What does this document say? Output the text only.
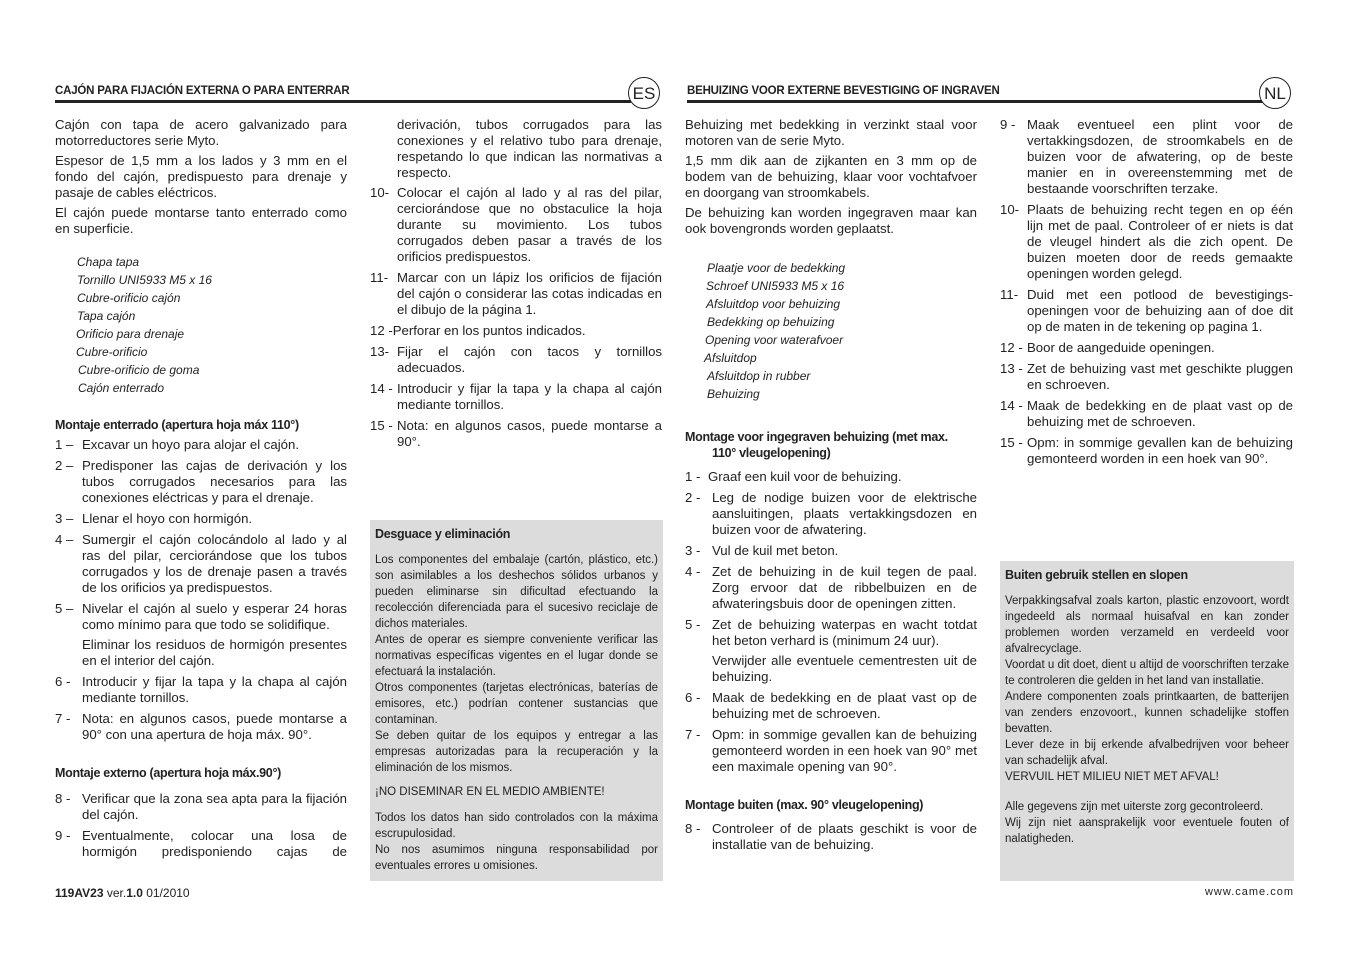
CAJÓN PARA FIJACIÓN EXTERNA O PARA ENTERRAR	ES	BEHUIZING VOOR EXTERNE BEVESTIGING OF INGRAVEN	NL

Cajón con tapa de acero galvanizado para motorreductores serie Myto.

Espesor de 1,5 mm a los lados y 3 mm en el fondo del cajón, predispuesto para drenaje y pasaje de cables eléctricos.

El cajón puede montarse tanto enterrado como en superficie.

Chapa tapa
Tornillo UNI5933 M5 x 16
Cubre-orificio cajón
Tapa cajón
Orificio para drenaje
Cubre-orificio
Cubre-orificio de goma
Cajón enterrado
Montaje enterrado (apertura hoja máx 110°)
1 – Excavar un hoyo para alojar el cajón.
2 – Predisponer las cajas de derivación y los tubos corrugados necesarios para las conexiones eléctricas y para el drenaje.
3 – Llenar el hoyo con hormigón.
4 – Sumergir el cajón colocándolo al lado y al ras del pilar, cerciorándose que los tubos corrugados y los de drenaje pasen a través de los orificios ya predispuestos.
5 – Nivelar el cajón al suelo y esperar 24 horas como mínimo para que todo se solidifique.
Eliminar los residuos de hormigón presentes en el interior del cajón.
6 - Introducir y fijar la tapa y la chapa al cajón mediante tornillos.
7 - Nota: en algunos casos, puede montarse a 90° con una apertura de hoja máx. 90°.
Montaje externo (apertura hoja máx.90°)
8 - Verificar que la zona sea apta para la fijación del cajón.
9 - Eventualmente, colocar una losa de hormigón predisponiendo cajas de

derivación, tubos corrugados para las conexiones y el relativo tubo para drenaje, respetando lo que indican las normativas a respecto.

10- Colocar el cajón al lado y al ras del pilar, cerciorándose que no obstaculice la hoja durante su movimiento. Los tubos corrugados deben pasar a través de los orificios predispuestos.
11- Marcar con un lápiz los orificios de fijación del cajón o considerar las cotas indicadas en el dibujo de la página 1.
12 - Perforar en los puntos indicados.
13- Fijar el cajón con tacos y tornillos adecuados.
14 - Introducir y fijar la tapa y la chapa al cajón mediante tornillos.
15 - Nota: en algunos casos, puede montarse a 90°.
Desguace y eliminación

Los componentes del embalaje (cartón, plástico, etc.) son asimilables a los deshechos sólidos urbanos y pueden eliminarse sin dificultad efectuando la recolección diferenciada para el sucesivo reciclaje de dichos materiales.

Antes de operar es siempre conveniente verificar las normativas específicas vigentes en el lugar donde se efectuará la instalación.

Otros componentes (tarjetas electrónicas, baterías de emisores, etc.) podrían contener sustancias que contaminan.

Se deben quitar de los equipos y entregar a las empresas autorizadas para la recuperación y la eliminación de los mismos.

¡NO DISEMINAR EN EL MEDIO AMBIENTE!

Todos los datos han sido controlados con la máxima escrupulosidad.

No nos asumimos ninguna responsabilidad por eventuales errores u omisiones.

Behuizing met bedekking in verzinkt staal voor motoren van de serie Myto.

1,5 mm dik aan de zijkanten en 3 mm op de bodem van de behuizing, klaar voor vochtafvoer en doorgang van stroomkabels.

De behuizing kan worden ingegraven maar kan ook bovengronds worden geplaatst.

Plaatje voor de bedekking
Schroef UNI5933 M5 x 16
Afsluitdop voor behuizing
Bedekking op behuizing
Opening voor waterafvoer
Afsluitdop
Afsluitdop in rubber
Behuizing
Montage voor ingegraven behuizing (met max.
110° vleugelopening)
1 - Graaf een kuil voor de behuizing.
2 - Leg de nodige buizen voor de elektrische aansluitingen, plaats vertakkingsdozen en buizen voor de afwatering.
3 - Vul de kuil met beton.
4 - Zet de behuizing in de kuil tegen de paal. Zorg ervoor dat de ribbelbuizen en de afwateringsbuis door de openingen zitten.
5 - Zet de behuizing waterpas en wacht totdat het beton verhard is (minimum 24 uur).
Verwijder alle eventuele cementresten uit de behuizing.
6 - Maak de bedekking en de plaat vast op de behuizing met de schroeven.
7 - Opm: in sommige gevallen kan de behuizing gemonteerd worden in een hoek van 90° met een maximale opening van 90°.
Montage buiten (max. 90° vleugelopening)
8 - Controleer of de plaats geschikt is voor de installatie van de behuizing.
9 - Maak eventueel een plint voor de vertakkingsdozen, de stroomkabels en de buizen voor de afwatering, op de beste manier en in overeenstemming met de bestaande voorschriften terzake.
10- Plaats de behuizing recht tegen en op één lijn met de paal. Controleer of er niets is dat de vleugel hindert als die zich opent. De buizen moeten door de reeds gemaakte openingen worden gelegd.
11- Duid met een potlood de bevestigings-openingen voor de behuizing aan of doe dit op de maten in de tekening op pagina 1.
12 - Boor de aangeduide openingen.
13 - Zet de behuizing vast met geschikte pluggen en schroeven.
14 - Maak de bedekking en de plaat vast op de behuizing met de schroeven.
15 - Opm: in sommige gevallen kan de behuizing gemonteerd worden in een hoek van 90°.
Buiten gebruik stellen en slopen

Verpakkingsafval zoals karton, plastic enzovoort, wordt ingedeeld als normaal huisafval en kan zonder problemen worden verzameld en verdeeld voor afvalrecyclage.

Voordat u dit doet, dient u altijd de voorschriften terzake te controleren die gelden in het land van installatie.

Andere componenten zoals printkaarten, de batterijen van zenders enzovoort., kunnen schadelijke stoffen bevatten.

Lever deze in bij erkende afvalbedrijven voor beheer van schadelijk afval.

VERVUIL HET MILIEU NIET MET AFVAL!

Alle gegevens zijn met uiterste zorg gecontroleerd.

Wij zijn niet aansprakelijk voor eventuele fouten of nalatigheden.

119AV23 ver.1.0 01/2010	www.came.com
